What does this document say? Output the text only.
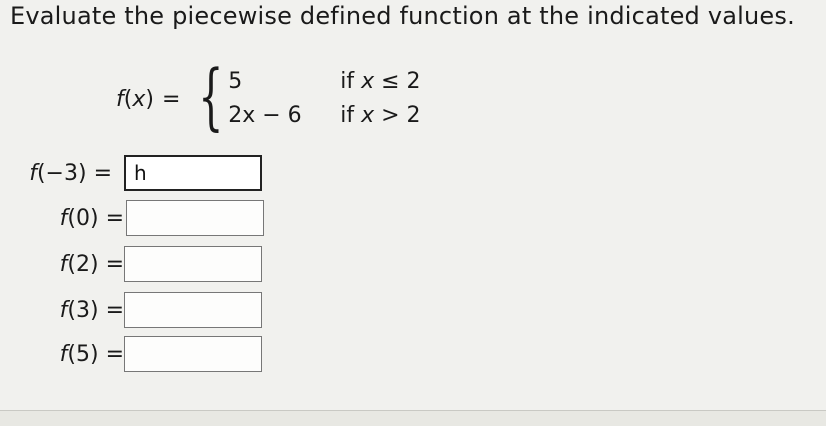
Evaluate the piecewise defined function at the indicated values.
f ( x ) = { 5	if x ≤ 2
2x − 6	if x > 2
f(−3) =
h
f(0) =
f(2) =
f(3) =
f(5) =
